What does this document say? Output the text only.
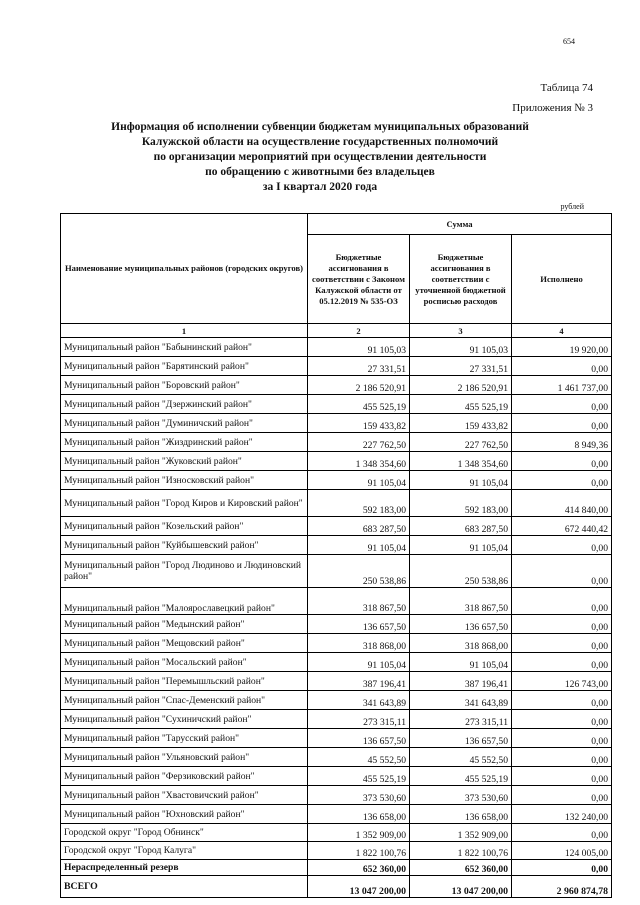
654
Таблица 74
Приложения № 3
Информация об исполнении субвенции бюджетам муниципальных образований
Калужской области на осуществление государственных полномочий
по организации мероприятий при осуществлении деятельности
по обращению с животными без владельцев
за I квартал 2020 года
рублей
Наименование муниципальных районов (городских округов)	Сумма		
	Бюджетные ассигнования в соответствии с Законом Калужской области от 05.12.2019 № 535-ОЗ	Бюджетные ассигнования в соответствии с уточненной бюджетной росписью расходов	Исполнено
1	2	3	4
Муниципальный район "Бабынинский район"	91 105,03	91 105,03	19 920,00
Муниципальный район "Барятинский район"	27 331,51	27 331,51	0,00
Муниципальный район "Боровский район"	2 186 520,91	2 186 520,91	1 461 737,00
Муниципальный район "Дзержинский район"	455 525,19	455 525,19	0,00
Муниципальный район "Думиничский район"	159 433,82	159 433,82	0,00
Муниципальный район "Жиздринский район"	227 762,50	227 762,50	8 949,36
Муниципальный район "Жуковский район"	1 348 354,60	1 348 354,60	0,00
Муниципальный район "Износковский район"	91 105,04	91 105,04	0,00
Муниципальный район "Город Киров и Кировский район"	592 183,00	592 183,00	414 840,00
Муниципальный район "Козельский район"	683 287,50	683 287,50	672 440,42
Муниципальный район "Куйбышевский район"	91 105,04	91 105,04	0,00
Муниципальный район "Город Людиново и Людиновский район"	250 538,86	250 538,86	0,00
Муниципальный район "Малоярославецкий район"	318 867,50	318 867,50	0,00
Муниципальный район "Медынский район"	136 657,50	136 657,50	0,00
Муниципальный район "Мещовский район"	318 868,00	318 868,00	0,00
Муниципальный район "Мосальский район"	91 105,04	91 105,04	0,00
Муниципальный район "Перемышльский район"	387 196,41	387 196,41	126 743,00
Муниципальный район "Спас-Деменский район"	341 643,89	341 643,89	0,00
Муниципальный район "Сухиничский район"	273 315,11	273 315,11	0,00
Муниципальный район "Тарусский район"	136 657,50	136 657,50	0,00
Муниципальный район "Ульяновский район"	45 552,50	45 552,50	0,00
Муниципальный район "Ферзиковский район"	455 525,19	455 525,19	0,00
Муниципальный район "Хвастовичский район"	373 530,60	373 530,60	0,00
Муниципальный район "Юхновский район"	136 658,00	136 658,00	132 240,00
Городской округ "Город Обнинск"	1 352 909,00	1 352 909,00	0,00
Городской округ "Город Калуга"	1 822 100,76	1 822 100,76	124 005,00
Нераспределенный резерв	652 360,00	652 360,00	0,00
ВСЕГО	13 047 200,00	13 047 200,00	2 960 874,78
